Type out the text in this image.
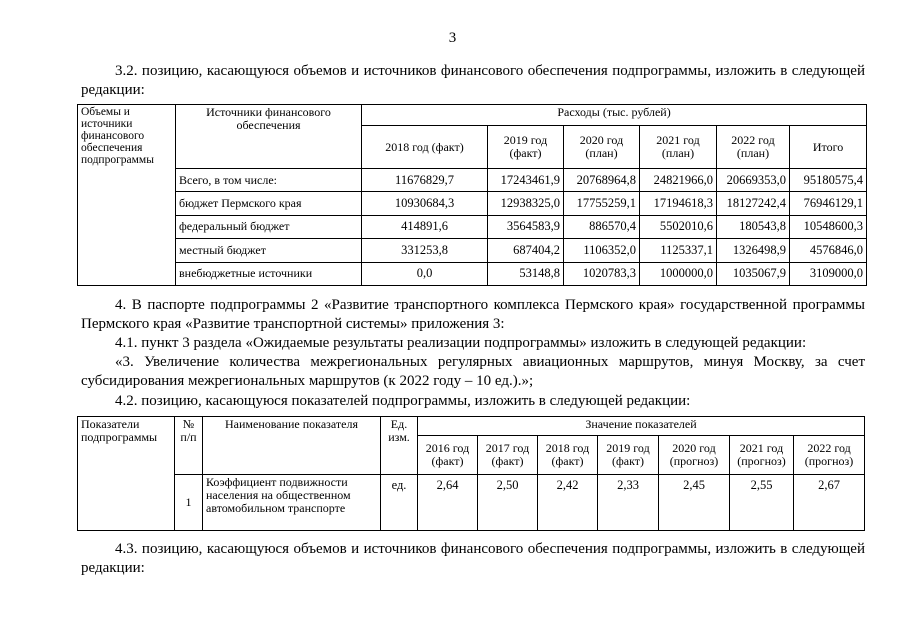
3
3.2. позицию, касающуюся объемов и источников финансового обеспечения подпрограммы, изложить в следующей редакции:
Объемы и источники финансового обеспечения подпрограммы	Источники финансового обеспечения	Расходы (тыс. рублей)					
		2018 год (факт)	2019 год (факт)	2020 год (план)	2021 год (план)	2022 год (план)	Итого
	Всего, в том числе:	11676829,7	17243461,9	20768964,8	24821966,0	20669353,0	95180575,4
	бюджет Пермского края	10930684,3	12938325,0	17755259,1	17194618,3	18127242,4	76946129,1
	федеральный бюджет	414891,6	3564583,9	886570,4	5502010,6	180543,8	10548600,3
	местный бюджет	331253,8	687404,2	1106352,0	1125337,1	1326498,9	4576846,0
	внебюджетные источники	0,0	53148,8	1020783,3	1000000,0	1035067,9	3109000,0
4. В паспорте подпрограммы 2 «Развитие транспортного комплекса Пермского края» государственной программы Пермского края «Развитие транспортной системы» приложения 3:
4.1. пункт 3 раздела «Ожидаемые результаты реализации подпрограммы» изложить в следующей редакции:
«3. Увеличение количества межрегиональных регулярных авиационных маршрутов, минуя Москву, за счет субсидирования межрегиональных маршрутов (к 2022 году – 10 ед.).»;
4.2. позицию, касающуюся показателей подпрограммы, изложить в следующей редакции:
Показатели подпрограммы	№ п/п	Наименование показателя	Ед. изм.	Значение показателей						
				2016 год (факт)	2017 год (факт)	2018 год (факт)	2019 год (факт)	2020 год (прогноз)	2021 год (прогноз)	2022 год (прогноз)
	1	Коэффициент подвижности населения на общественном автомобильном транспорте	ед.	2,64	2,50	2,42	2,33	2,45	2,55	2,67
4.3. позицию, касающуюся объемов и источников финансового обеспечения подпрограммы, изложить в следующей редакции:
